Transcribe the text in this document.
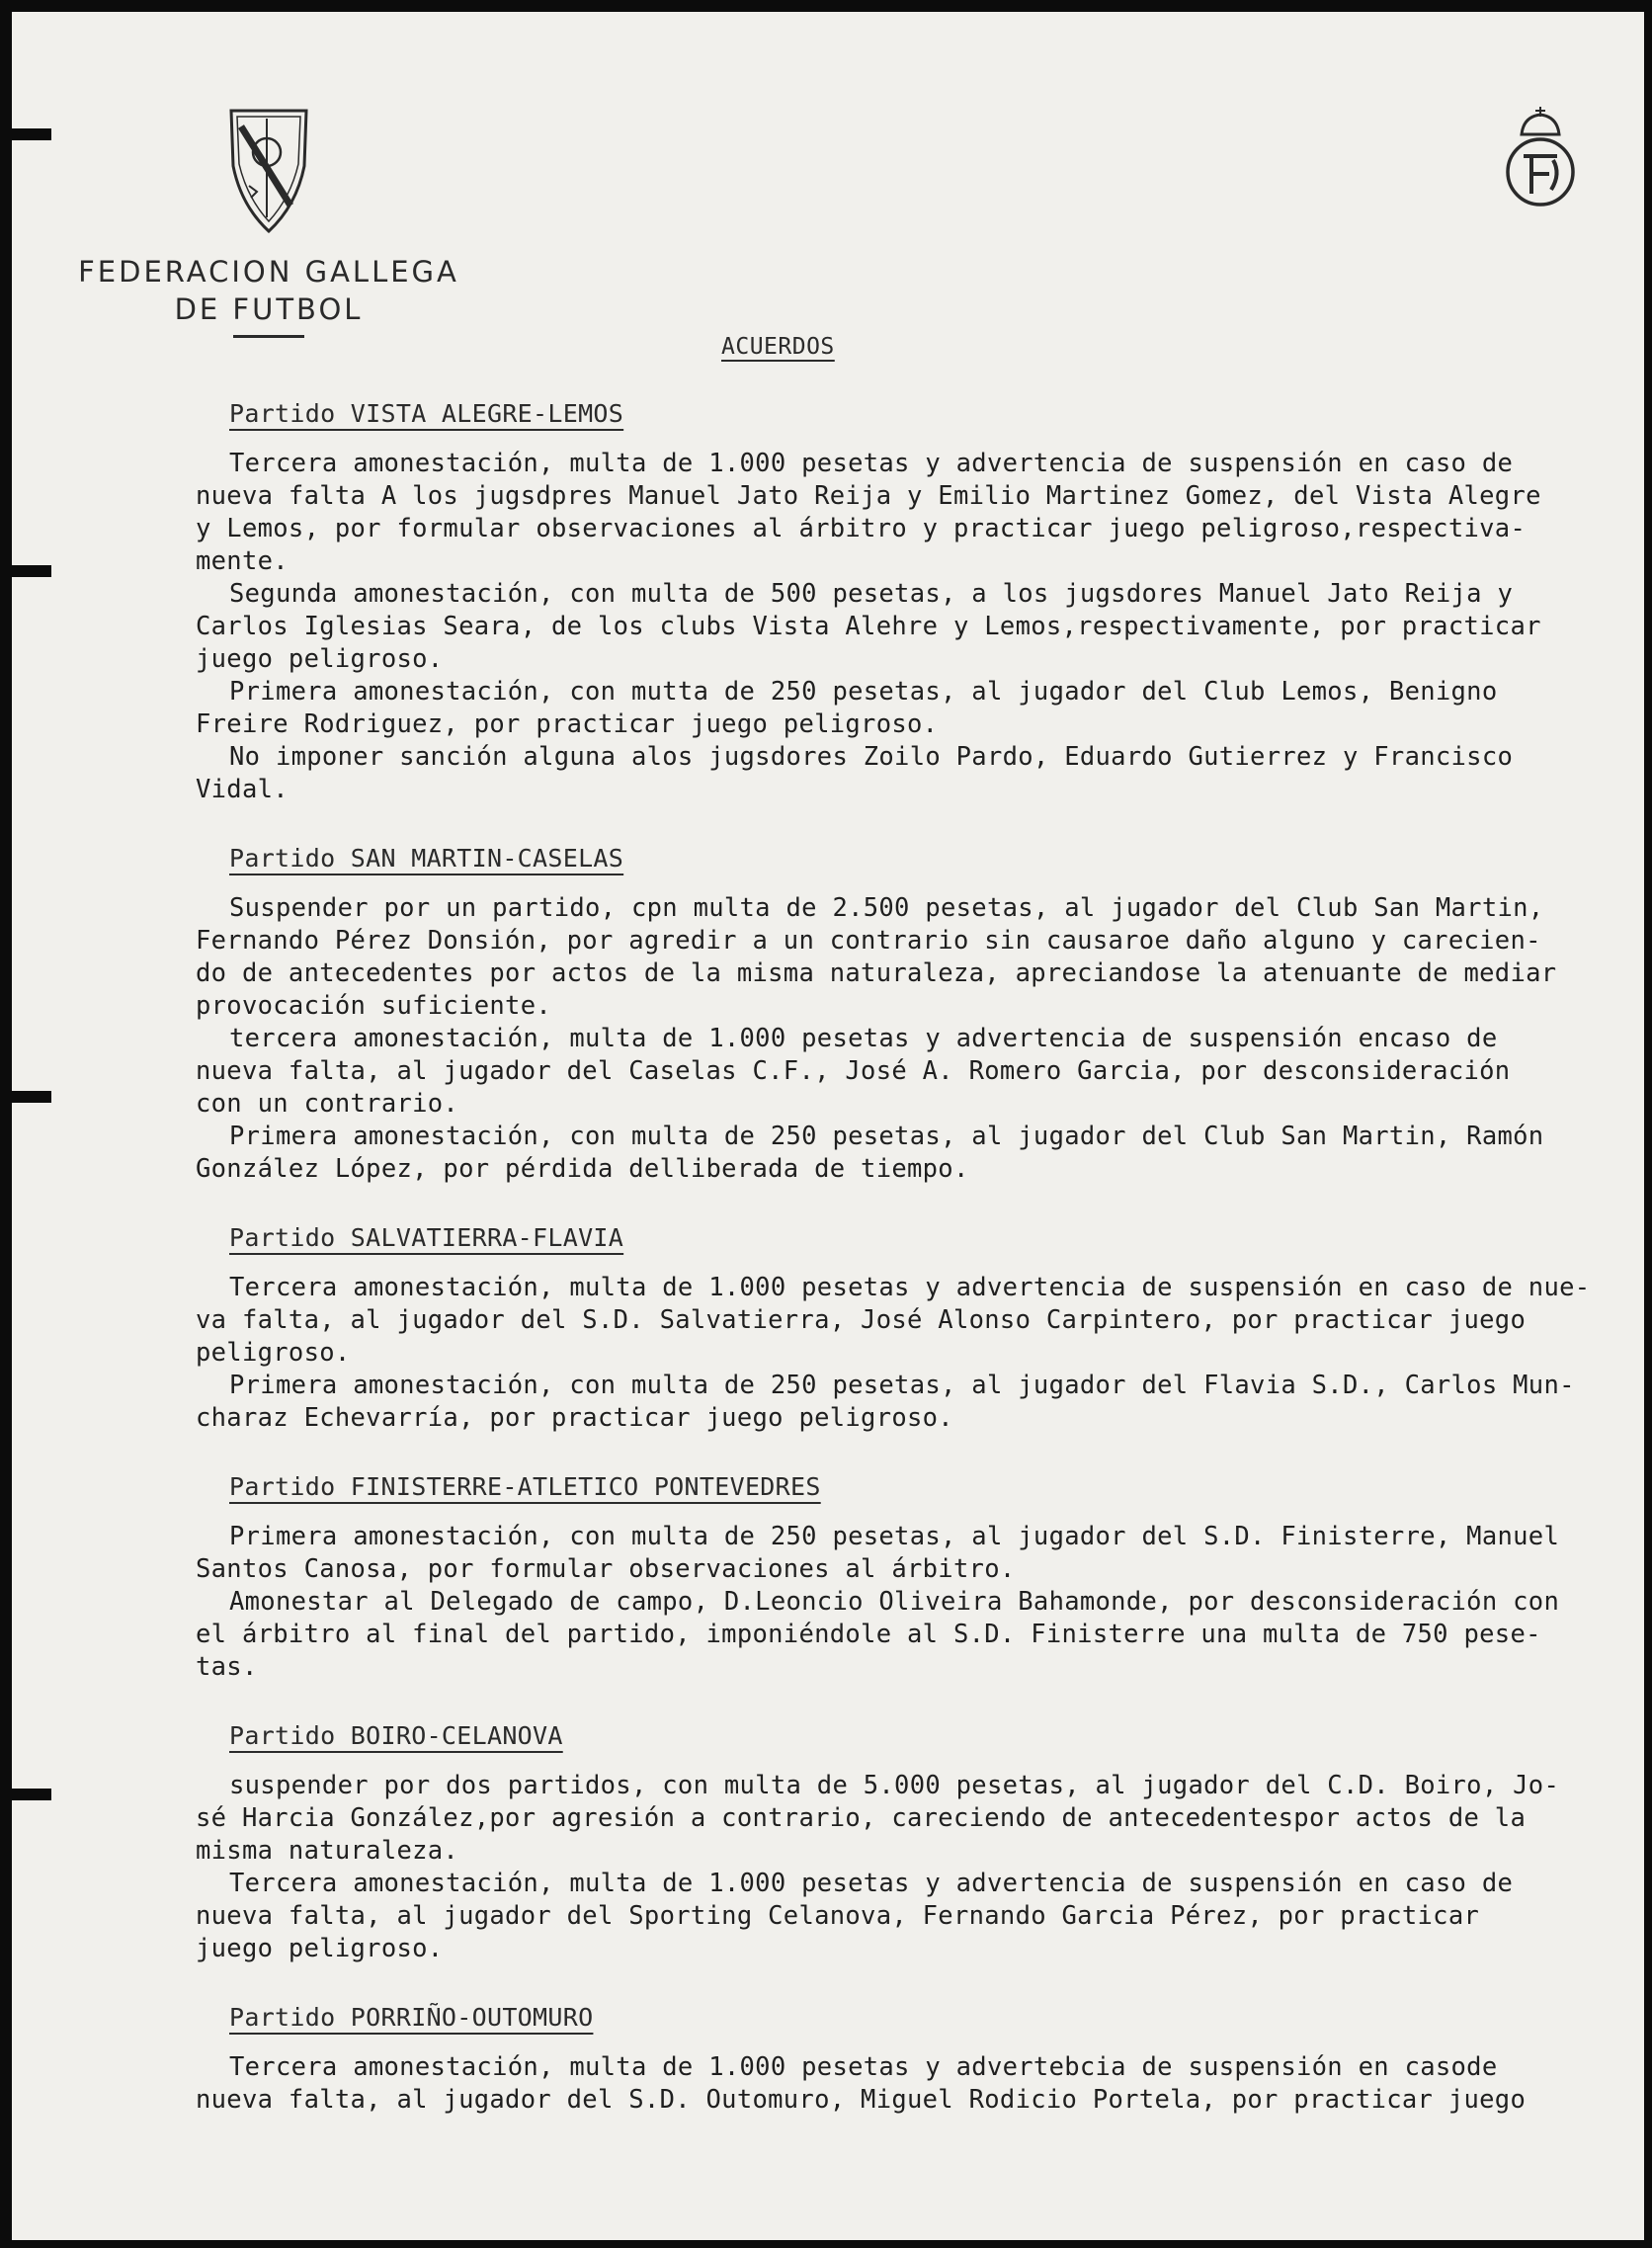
FEDERACION GALLEGA
DE FUTBOL
ACUERDOS
Partido VISTA ALEGRE-LEMOS
Tercera amonestación, multa de 1.000 pesetas y advertencia de suspensión en caso de
nueva falta A los jugsdpres Manuel Jato Reija y Emilio Martinez Gomez, del Vista Alegre
y Lemos, por formular observaciones al árbitro y practicar juego peligroso,respectiva-
mente.
Segunda amonestación, con multa de 500 pesetas, a los jugsdores Manuel Jato Reija y
Carlos Iglesias Seara, de los clubs Vista Alehre y Lemos,respectivamente, por practicar
juego peligroso.
Primera amonestación, con mutta de 250 pesetas, al jugador del Club Lemos, Benigno
Freire Rodriguez, por practicar juego peligroso.
No imponer sanción alguna alos jugsdores Zoilo Pardo, Eduardo Gutierrez y Francisco
Vidal.
Partido SAN MARTIN-CASELAS
Suspender por un partido, cpn multa de 2.500 pesetas, al jugador del Club San Martin,
Fernando Pérez Donsión, por agredir a un contrario sin causaroe daño alguno y carecien-
do de antecedentes por actos de la misma naturaleza, apreciandose la atenuante de mediar
provocación suficiente.
tercera amonestación, multa de 1.000 pesetas y advertencia de suspensión encaso de
nueva falta, al jugador del Caselas C.F., José A. Romero Garcia, por desconsideración
con un contrario.
Primera amonestación, con multa de 250 pesetas, al jugador del Club San Martin, Ramón
González López, por pérdida delliberada de tiempo.
Partido SALVATIERRA-FLAVIA
Tercera amonestación, multa de 1.000 pesetas y advertencia de suspensión en caso de nue-
va falta, al jugador del S.D. Salvatierra, José Alonso Carpintero, por practicar juego
peligroso.
Primera amonestación, con multa de 250 pesetas, al jugador del Flavia S.D., Carlos Mun-
charaz Echevarría, por practicar juego peligroso.
Partido FINISTERRE-ATLETICO PONTEVEDRES
Primera amonestación, con multa de 250 pesetas, al jugador del S.D. Finisterre, Manuel
Santos Canosa, por formular observaciones al árbitro.
Amonestar al Delegado de campo, D.Leoncio Oliveira Bahamonde, por desconsideración con
el árbitro al final del partido, imponiéndole al S.D. Finisterre una multa de 750 pese-
tas.
Partido BOIRO-CELANOVA
suspender por dos partidos, con multa de 5.000 pesetas, al jugador del C.D. Boiro, Jo-
sé Harcia González,por agresión a contrario, careciendo de antecedentespor actos de la
misma naturaleza.
Tercera amonestación, multa de 1.000 pesetas y advertencia de suspensión en caso de
nueva falta, al jugador del Sporting Celanova, Fernando Garcia Pérez, por practicar
juego peligroso.
Partido PORRIÑO-OUTOMURO
Tercera amonestación, multa de 1.000 pesetas y advertebcia de suspensión en casode
nueva falta, al jugador del S.D. Outomuro, Miguel Rodicio Portela, por practicar juego
